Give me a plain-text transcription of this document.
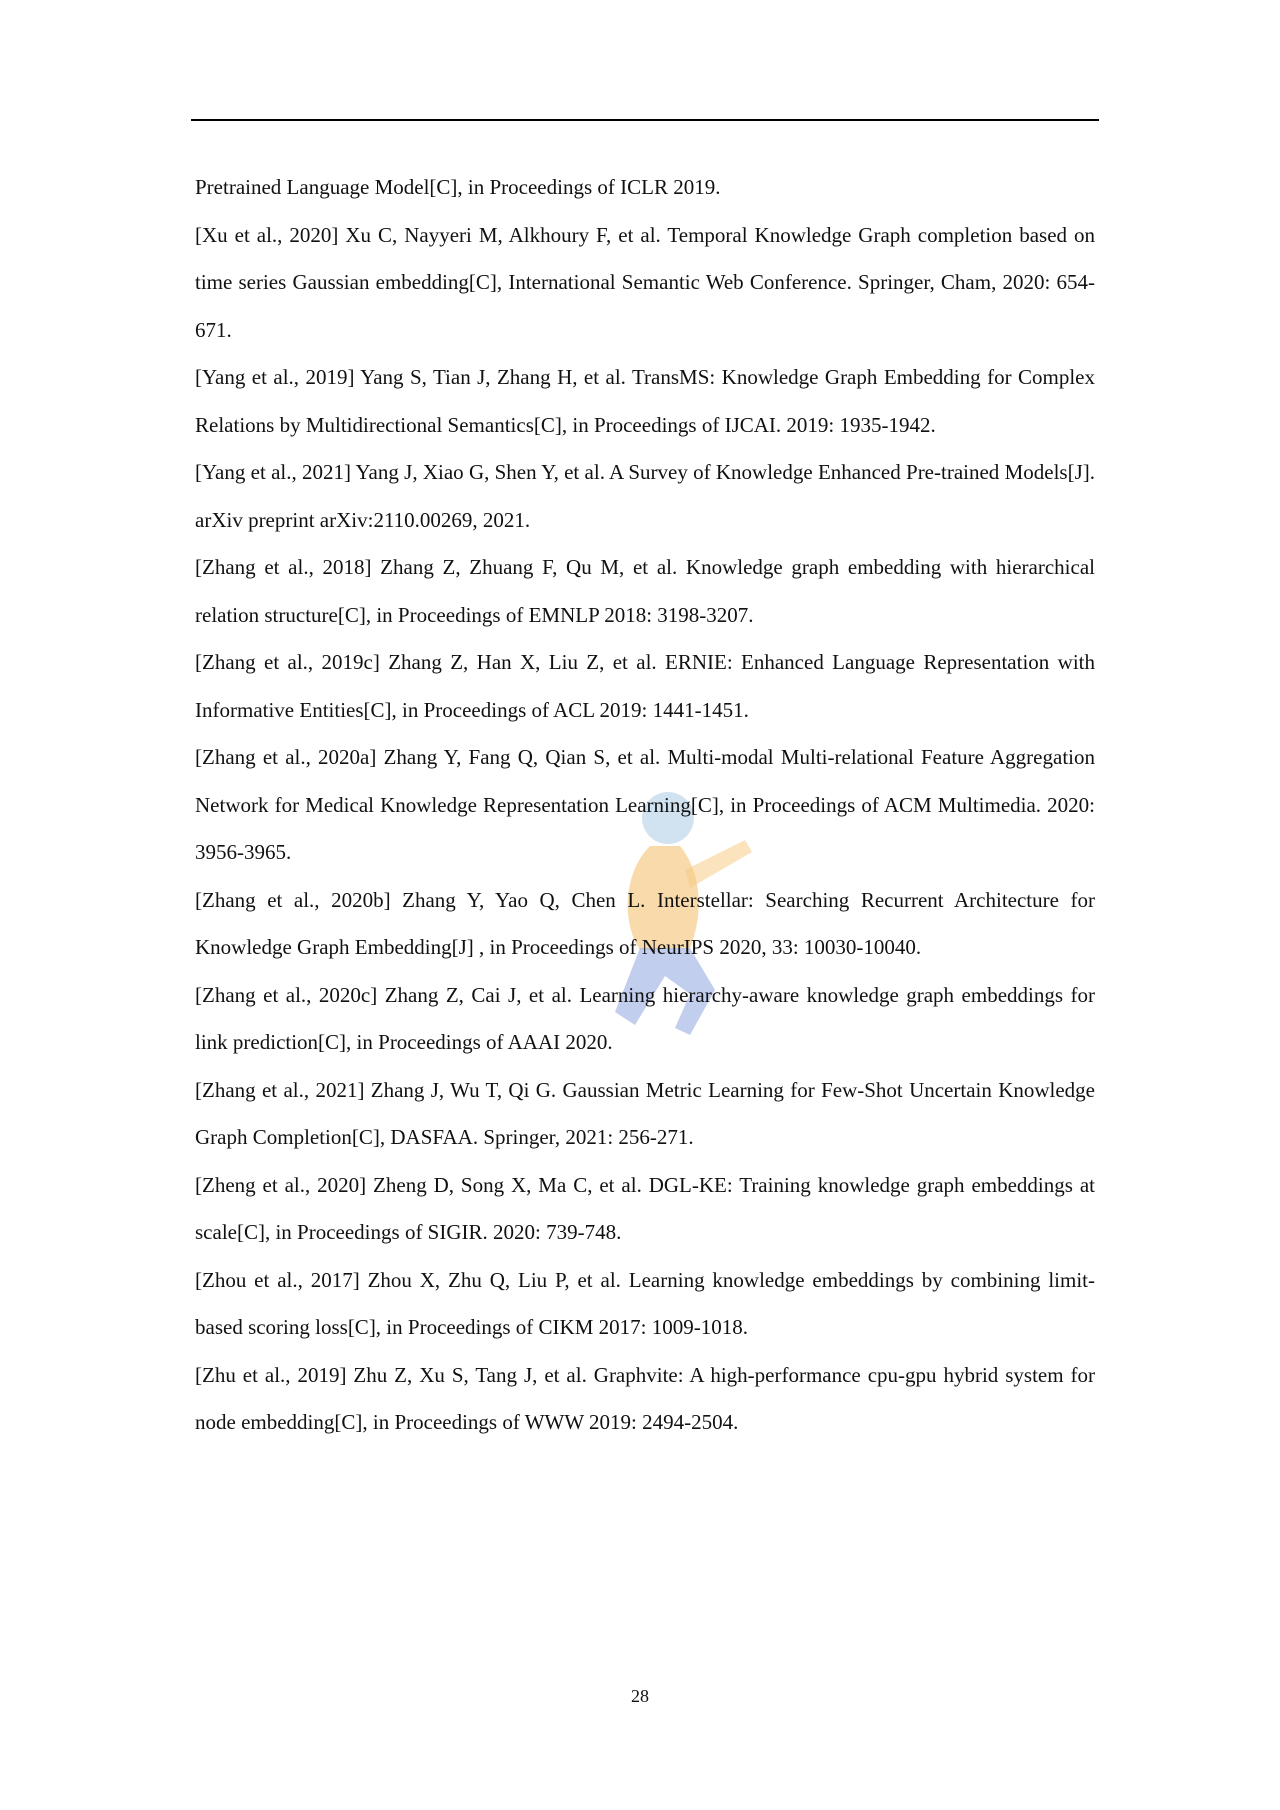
Pretrained Language Model[C], in Proceedings of ICLR 2019.

[Xu et al., 2020] Xu C, Nayyeri M, Alkhoury F, et al. Temporal Knowledge Graph completion based on time series Gaussian embedding[C], International Semantic Web Conference. Springer, Cham, 2020: 654-671.

[Yang et al., 2019] Yang S, Tian J, Zhang H, et al. TransMS: Knowledge Graph Embedding for Complex Relations by Multidirectional Semantics[C], in Proceedings of IJCAI. 2019: 1935-1942.

[Yang et al., 2021] Yang J, Xiao G, Shen Y, et al. A Survey of Knowledge Enhanced Pre-trained Models[J]. arXiv preprint arXiv:2110.00269, 2021.

[Zhang et al., 2018] Zhang Z, Zhuang F, Qu M, et al. Knowledge graph embedding with hierarchical relation structure[C], in Proceedings of EMNLP 2018: 3198-3207.

[Zhang et al., 2019c] Zhang Z, Han X, Liu Z, et al. ERNIE: Enhanced Language Representation with Informative Entities[C], in Proceedings of ACL 2019: 1441-1451.

[Zhang et al., 2020a] Zhang Y, Fang Q, Qian S, et al. Multi-modal Multi-relational Feature Aggregation Network for Medical Knowledge Representation Learning[C], in Proceedings of ACM Multimedia. 2020: 3956-3965.

[Zhang et al., 2020b] Zhang Y, Yao Q, Chen L. Interstellar: Searching Recurrent Architecture for Knowledge Graph Embedding[J] , in Proceedings of NeurIPS 2020, 33: 10030-10040.

[Zhang et al., 2020c] Zhang Z, Cai J, et al. Learning hierarchy-aware knowledge graph embeddings for link prediction[C], in Proceedings of AAAI 2020.

[Zhang et al., 2021] Zhang J, Wu T, Qi G. Gaussian Metric Learning for Few-Shot Uncertain Knowledge Graph Completion[C], DASFAA. Springer, 2021: 256-271.

[Zheng et al., 2020] Zheng D, Song X, Ma C, et al. DGL-KE: Training knowledge graph embeddings at scale[C], in Proceedings of SIGIR. 2020: 739-748.

[Zhou et al., 2017] Zhou X, Zhu Q, Liu P, et al. Learning knowledge embeddings by combining limit-based scoring loss[C], in Proceedings of CIKM 2017: 1009-1018.

[Zhu et al., 2019] Zhu Z, Xu S, Tang J, et al. Graphvite: A high-performance cpu-gpu hybrid system for node embedding[C], in Proceedings of WWW 2019: 2494-2504.

28
